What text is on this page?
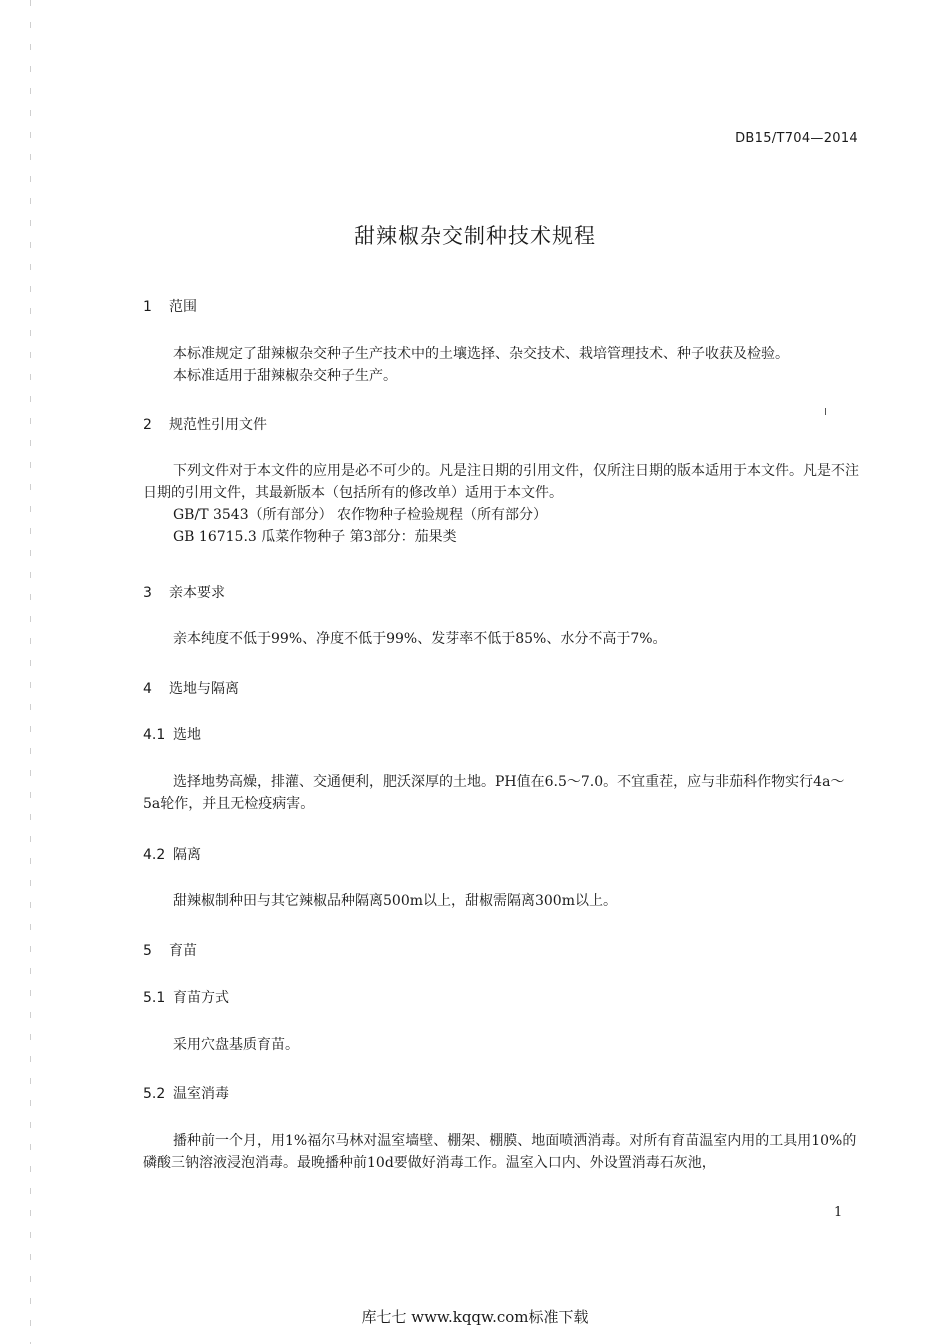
DB15/T704—2014
甜辣椒杂交制种技术规程
1 范围

本标准规定了甜辣椒杂交种子生产技术中的土壤选择、杂交技术、栽培管理技术、种子收获及检验。

本标准适用于甜辣椒杂交种子生产。

2 规范性引用文件

下列文件对于本文件的应用是必不可少的。凡是注日期的引用文件，仅所注日期的版本适用于本文件。凡是不注日期的引用文件，其最新版本（包括所有的修改单）适用于本文件。

GB/T 3543（所有部分） 农作物种子检验规程（所有部分）

GB 16715.3 瓜菜作物种子 第3部分：茄果类

3 亲本要求

亲本纯度不低于99%、净度不低于99%、发芽率不低于85%、水分不高于7%。

4 选地与隔离
4.1 选地

选择地势高燥，排灌、交通便利，肥沃深厚的土地。PH值在6.5～7.0。不宜重茬，应与非茄科作物实行4a～5a轮作，并且无检疫病害。

4.2 隔离

甜辣椒制种田与其它辣椒品种隔离500m以上，甜椒需隔离300m以上。

5 育苗
5.1 育苗方式

采用穴盘基质育苗。

5.2 温室消毒

播种前一个月，用1%福尔马林对温室墙壁、棚架、棚膜、地面喷洒消毒。对所有育苗温室内用的工具用10%的磷酸三钠溶液浸泡消毒。最晚播种前10d要做好消毒工作。温室入口内、外设置消毒石灰池，

1
库七七 www.kqqw.com标准下载
